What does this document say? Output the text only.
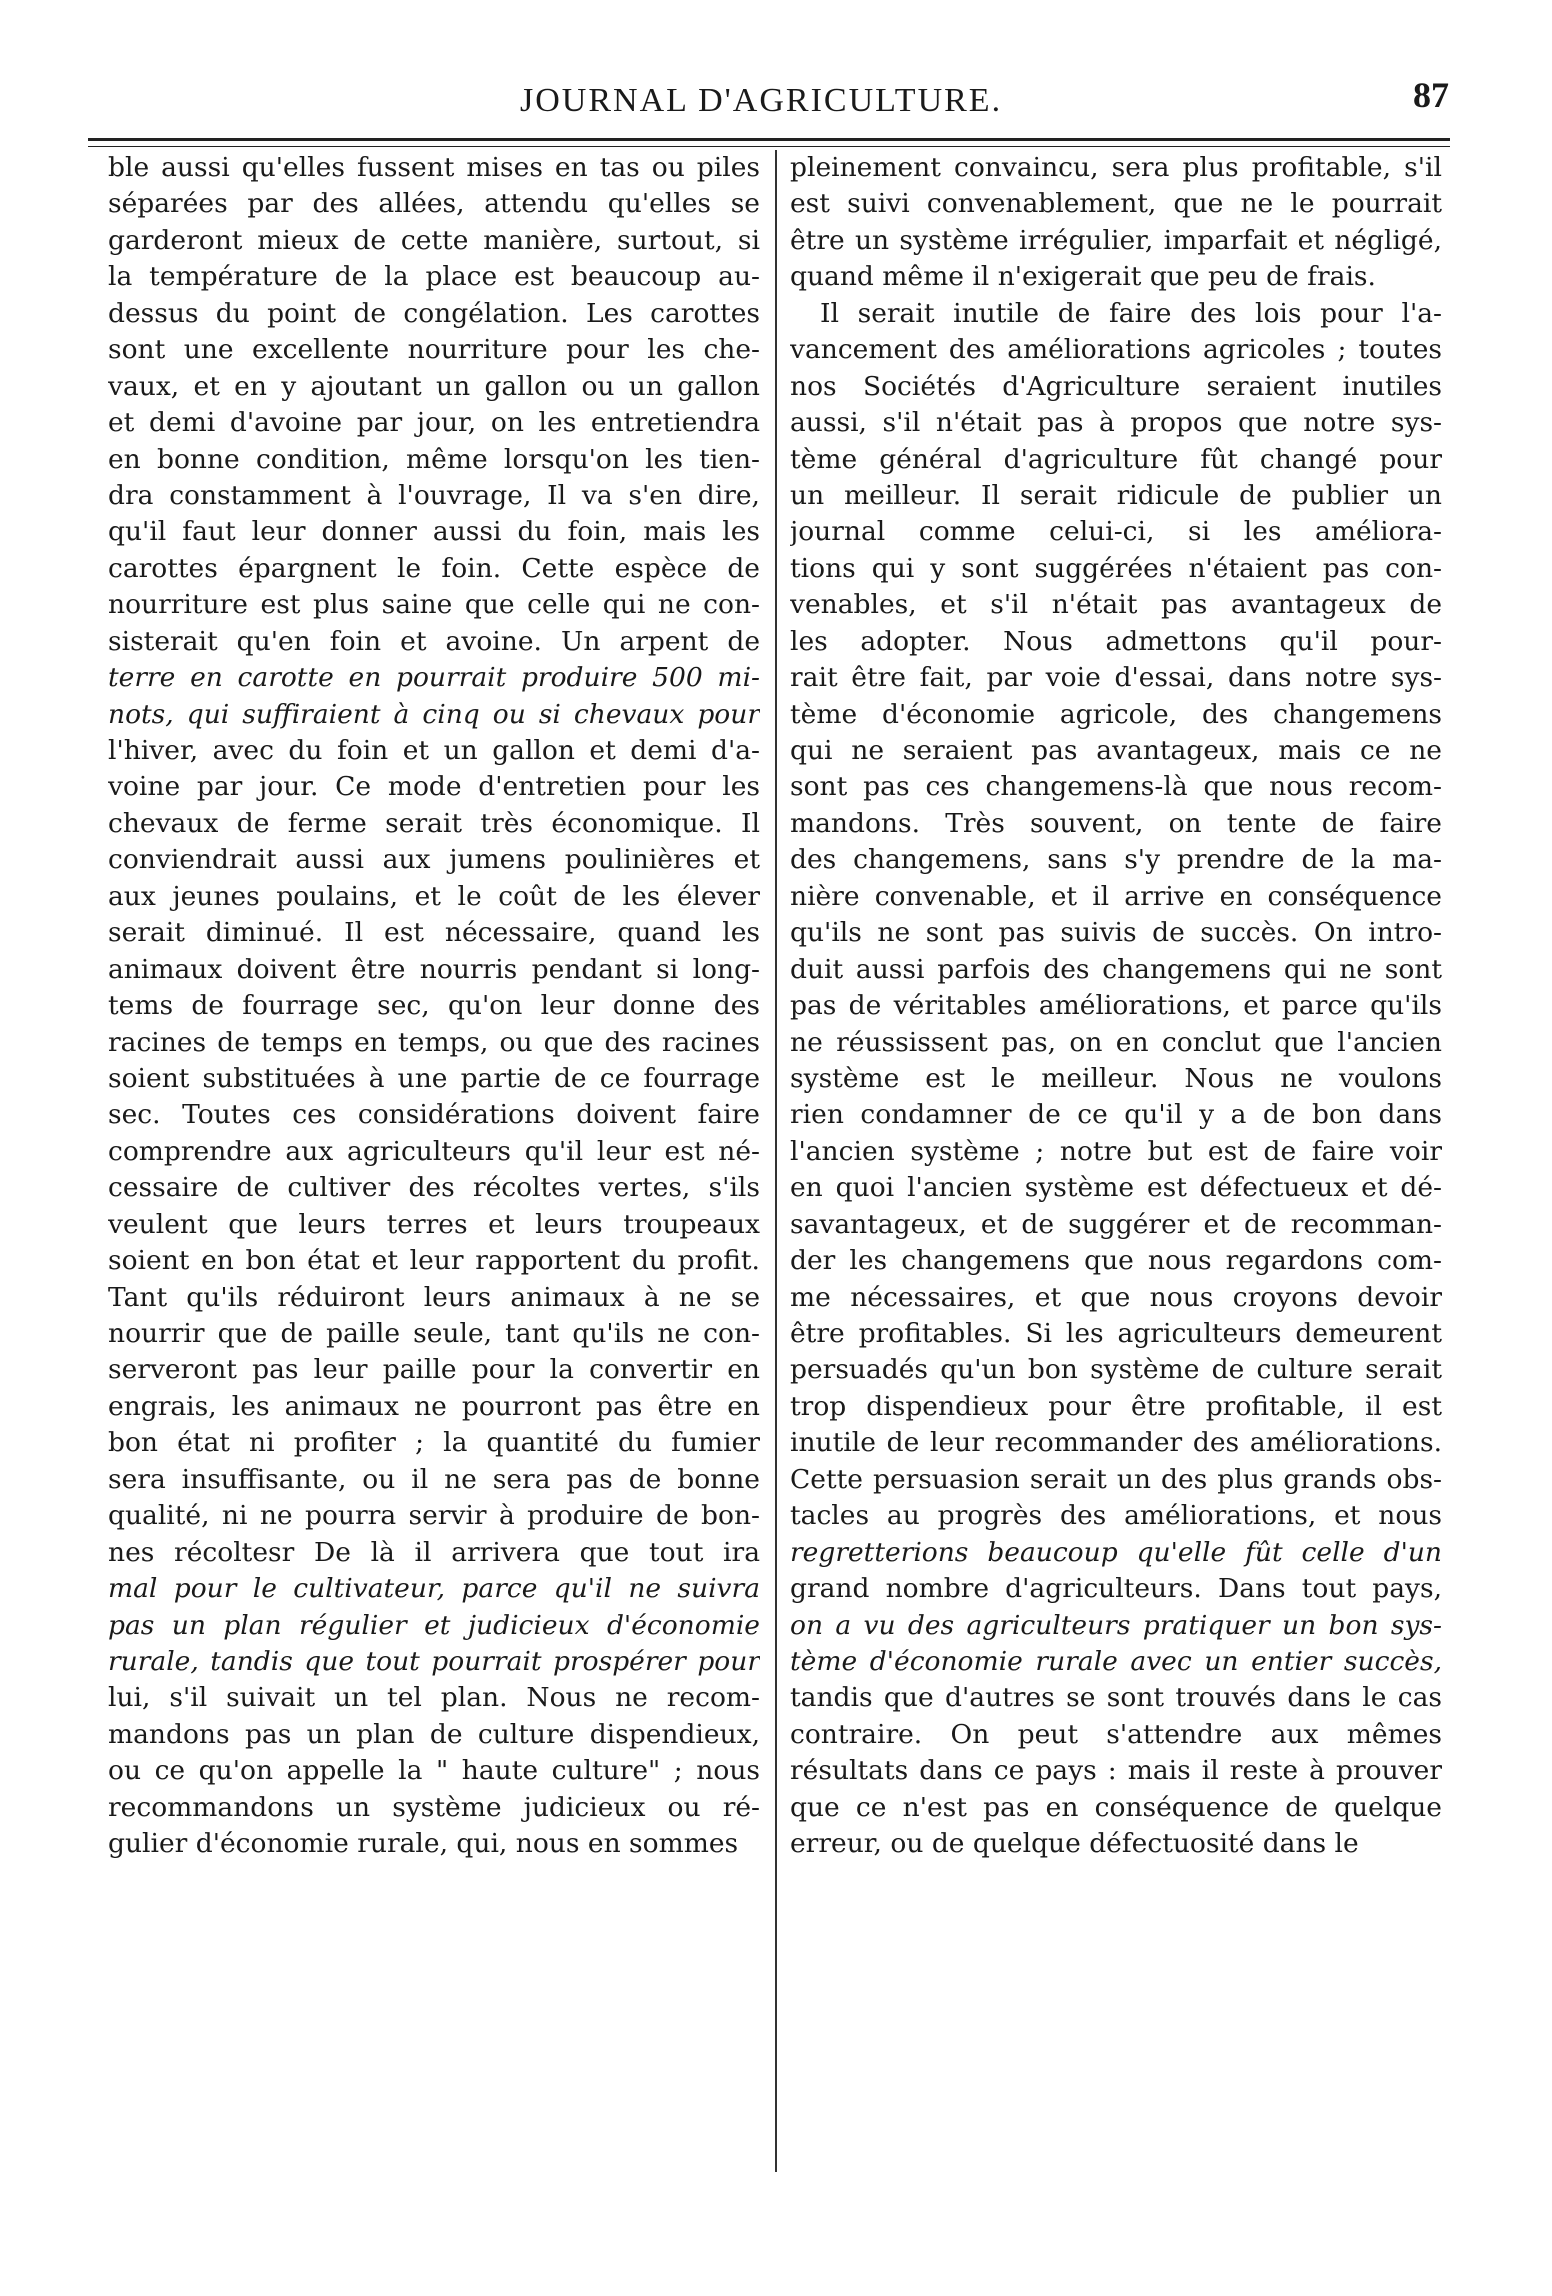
JOURNAL D'AGRICULTURE.	87
ble aussi qu'elles fussent mises en tas ou piles
séparées par des allées, attendu qu'elles se
garderont mieux de cette manière, surtout, si
la température de la place est beaucoup au-
dessus du point de congélation. Les carottes
sont une excellente nourriture pour les che-
vaux, et en y ajoutant un gallon ou un gallon
et demi d'avoine par jour, on les entretiendra
en bonne condition, même lorsqu'on les tien-
dra constamment à l'ouvrage, Il va s'en dire,
qu'il faut leur donner aussi du foin, mais les
carottes épargnent le foin. Cette espèce de
nourriture est plus saine que celle qui ne con-
sisterait qu'en foin et avoine. Un arpent de
terre en carotte en pourrait produire 500 mi-
nots, qui suffiraient à cinq ou si chevaux pour
l'hiver, avec du foin et un gallon et demi d'a-
voine par jour. Ce mode d'entretien pour les
chevaux de ferme serait très économique. Il
conviendrait aussi aux jumens poulinières et
aux jeunes poulains, et le coût de les élever
serait diminué. Il est nécessaire, quand les
animaux doivent être nourris pendant si long-
tems de fourrage sec, qu'on leur donne des
racines de temps en temps, ou que des racines
soient substituées à une partie de ce fourrage
sec. Toutes ces considérations doivent faire
comprendre aux agriculteurs qu'il leur est né-
cessaire de cultiver des récoltes vertes, s'ils
veulent que leurs terres et leurs troupeaux
soient en bon état et leur rapportent du profit.
Tant qu'ils réduiront leurs animaux à ne se
nourrir que de paille seule, tant qu'ils ne con-
serveront pas leur paille pour la convertir en
engrais, les animaux ne pourront pas être en
bon état ni profiter ; la quantité du fumier
sera insuffisante, ou il ne sera pas de bonne
qualité, ni ne pourra servir à produire de bon-
nes récoltesr De là il arrivera que tout ira
mal pour le cultivateur, parce qu'il ne suivra
pas un plan régulier et judicieux d'économie
rurale, tandis que tout pourrait prospérer pour
lui, s'il suivait un tel plan. Nous ne recom-
mandons pas un plan de culture dispendieux,
ou ce qu'on appelle la " haute culture" ; nous
recommandons un système judicieux ou ré-
gulier d'économie rurale, qui, nous en sommes
pleinement convaincu, sera plus profitable, s'il
est suivi convenablement, que ne le pourrait
être un système irrégulier, imparfait et négligé,
quand même il n'exigerait que peu de frais.
Il serait inutile de faire des lois pour l'a-
vancement des améliorations agricoles ; toutes
nos Sociétés d'Agriculture seraient inutiles
aussi, s'il n'était pas à propos que notre sys-
tème général d'agriculture fût changé pour
un meilleur. Il serait ridicule de publier un
journal comme celui-ci, si les améliora-
tions qui y sont suggérées n'étaient pas con-
venables, et s'il n'était pas avantageux de
les adopter. Nous admettons qu'il pour-
rait être fait, par voie d'essai, dans notre sys-
tème d'économie agricole, des changemens
qui ne seraient pas avantageux, mais ce ne
sont pas ces changemens-là que nous recom-
mandons. Très souvent, on tente de faire
des changemens, sans s'y prendre de la ma-
nière convenable, et il arrive en conséquence
qu'ils ne sont pas suivis de succès. On intro-
duit aussi parfois des changemens qui ne sont
pas de véritables améliorations, et parce qu'ils
ne réussissent pas, on en conclut que l'ancien
système est le meilleur. Nous ne voulons
rien condamner de ce qu'il y a de bon dans
l'ancien système ; notre but est de faire voir
en quoi l'ancien système est défectueux et dé-
savantageux, et de suggérer et de recomman-
der les changemens que nous regardons com-
me nécessaires, et que nous croyons devoir
être profitables. Si les agriculteurs demeurent
persuadés qu'un bon système de culture serait
trop dispendieux pour être profitable, il est
inutile de leur recommander des améliorations.
Cette persuasion serait un des plus grands obs-
tacles au progrès des améliorations, et nous
regretterions beaucoup qu'elle fût celle d'un
grand nombre d'agriculteurs. Dans tout pays,
on a vu des agriculteurs pratiquer un bon sys-
tème d'économie rurale avec un entier succès,
tandis que d'autres se sont trouvés dans le cas
contraire. On peut s'attendre aux mêmes
résultats dans ce pays : mais il reste à prouver
que ce n'est pas en conséquence de quelque
erreur, ou de quelque défectuosité dans le
